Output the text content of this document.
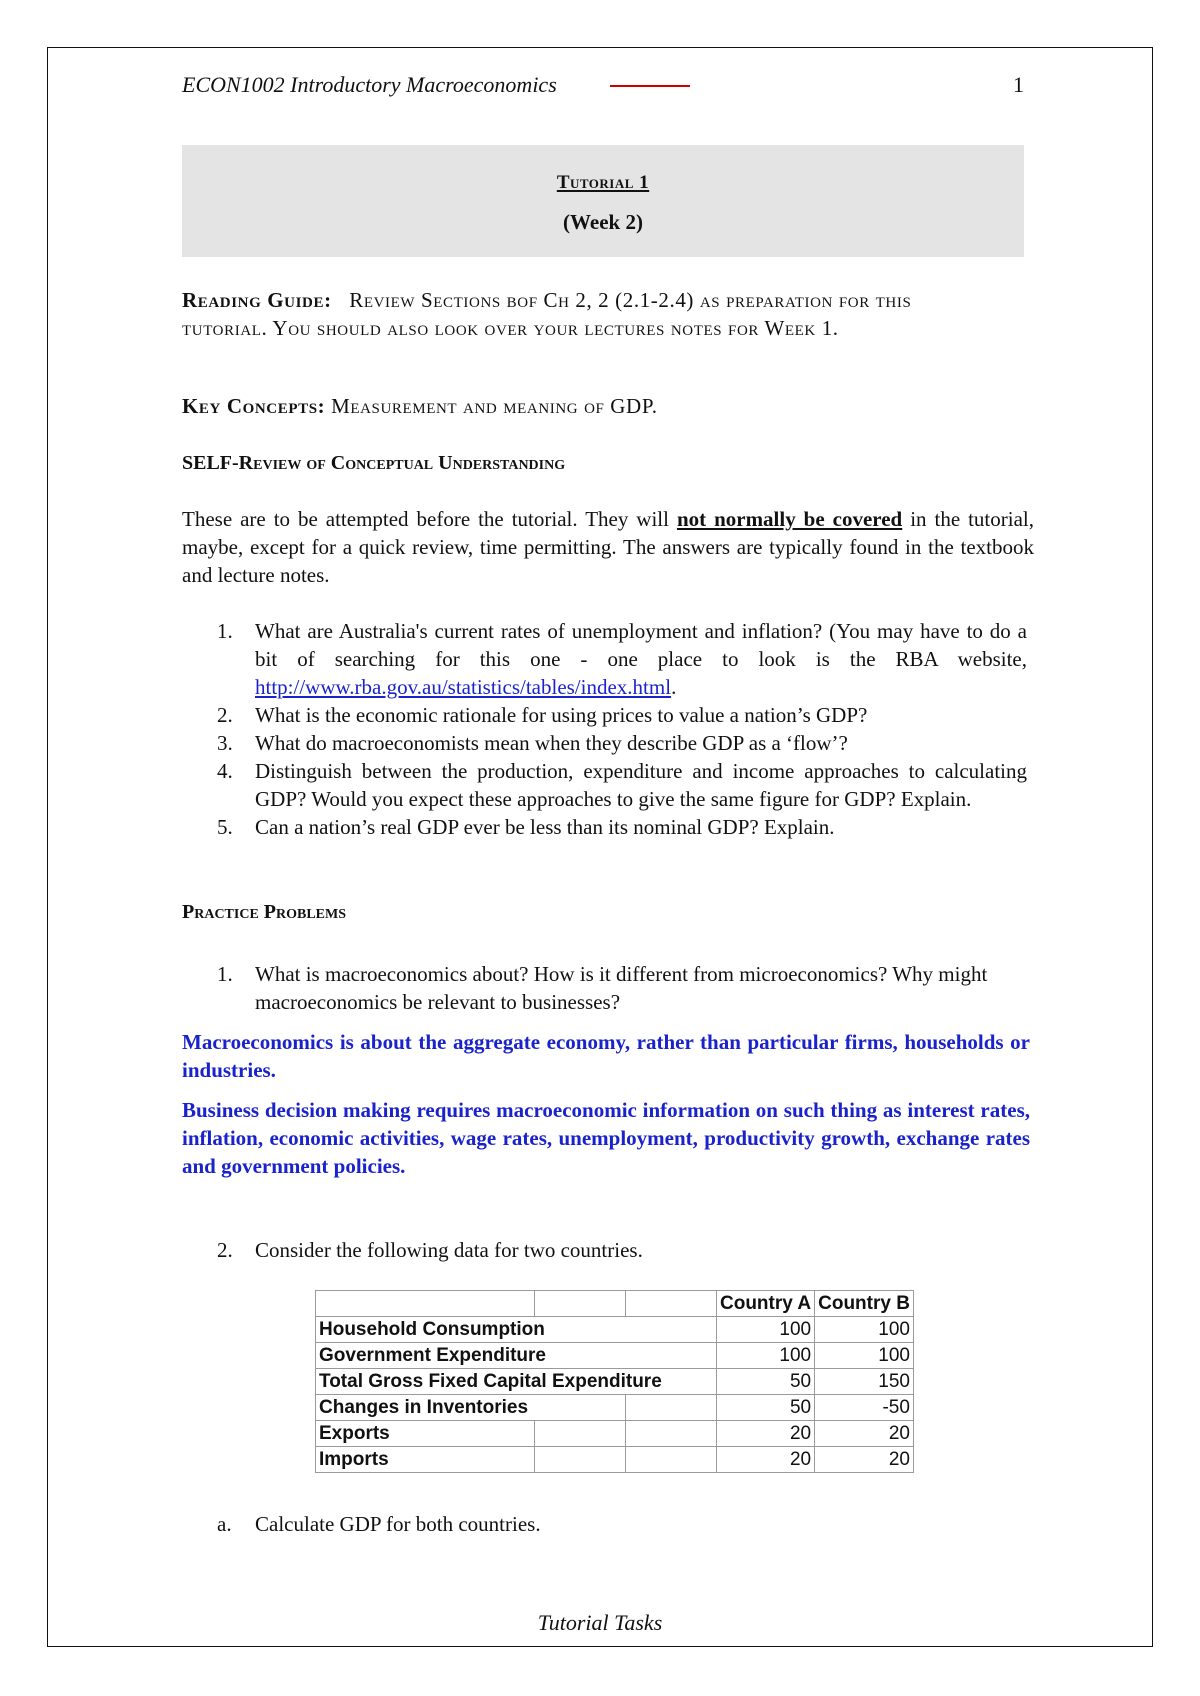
ECON1002 Introductory Macroeconomics	1
Tutorial 1
(Week 2)
Reading Guide: Review Sections bof Ch 2, 2 (2.1-2.4) as preparation for this
tutorial. You should also look over your lectures notes for Week 1.
Key Concepts: Measurement and meaning of GDP.
SELF-Review of Conceptual Understanding
These are to be attempted before the tutorial. They will not normally be covered in the tutorial, maybe, except for a quick review, time permitting. The answers are typically found in the textbook and lecture notes.
1. What are Australia's current rates of unemployment and inflation? (You may have to do a bit of searching for this one - one place to look is the RBA website, http://www.rba.gov.au/statistics/tables/index.html.
2. What is the economic rationale for using prices to value a nation’s GDP?
3. What do macroeconomists mean when they describe GDP as a ‘flow’?
4. Distinguish between the production, expenditure and income approaches to calculating GDP? Would you expect these approaches to give the same figure for GDP? Explain.
5. Can a nation’s real GDP ever be less than its nominal GDP? Explain.
Practice Problems
1. What is macroeconomics about? How is it different from microeconomics? Why might macroeconomics be relevant to businesses?
Macroeconomics is about the aggregate economy, rather than particular firms, households or industries.
Business decision making requires macroeconomic information on such thing as interest rates, inflation, economic activities, wage rates, unemployment, productivity growth, exchange rates and government policies.
2. Consider the following data for two countries.
			Country A	Country B
Household Consumption			100	100
Government Expenditure			100	100
Total Gross Fixed Capital Expenditure			50	150
Changes in Inventories			50	-50
Exports			20	20
Imports			20	20
a. Calculate GDP for both countries.
Tutorial Tasks
